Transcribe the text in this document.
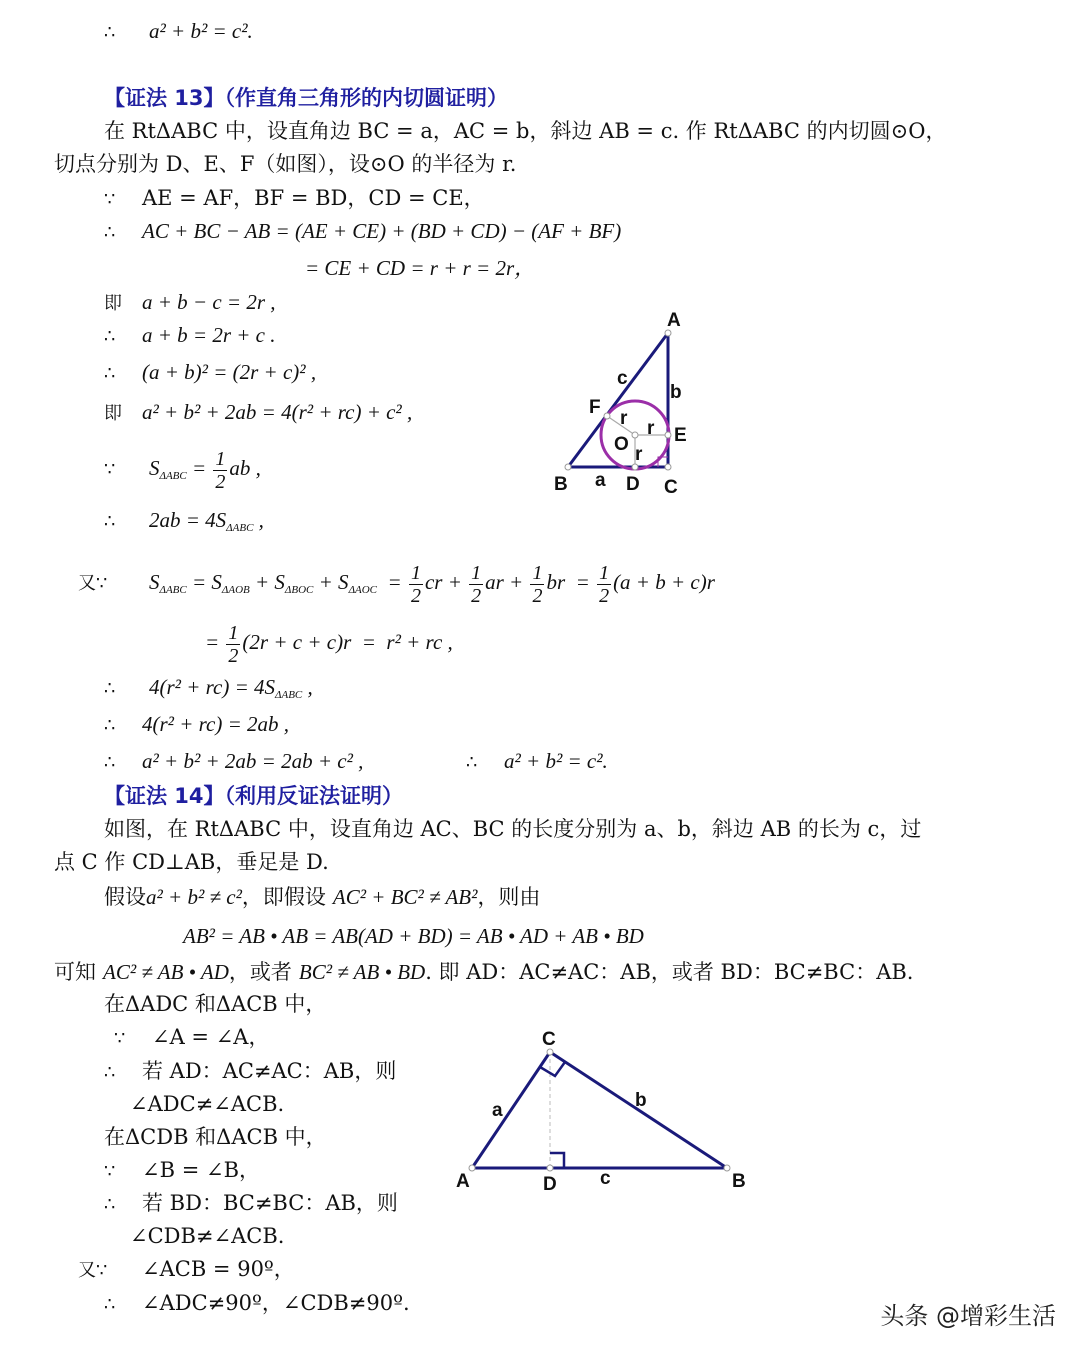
∴ a² + b² = c².
【证法 13】（作直角三角形的内切圆证明）
在 RtΔABC 中，设直角边 BC = a，AC = b，斜边 AB = c. 作 RtΔABC 的内切圆⊙O，
切点分别为 D、E、F（如图），设⊙O 的半径为 r.
∵ AE = AF，BF = BD，CD = CE，
∴ AC + BC − AB = (AE + CE) + (BD + CD) − (AF + BF)
= CE + CD = r + r = 2r，
即 a + b − c = 2r ,
∴ a + b = 2r + c .
∴ (a + b)² = (2r + c)² ,
即 a² + b² + 2ab = 4(r² + rc) + c² ,
∵ $S_{\Delta ABC} = \frac{1}{2}$ ab ,
∴ $2ab = 4S_{\Delta ABC}$ ,
又∵ $S_{\Delta ABC} = S_{\Delta AOB} + S_{\Delta BOC} + S_{\Delta AOC} = \frac{1}{2}$ cr + $\frac{1}{2}$ ar + $\frac{1}{2}$ br  = $\frac{1}{2} (a + b + c)r$
= $\frac{1}{2} (2r + c + c)r = r^2$ + rc ,
∴ $4(r^2 + rc) = 4S_{\Delta ABC}$ ,
∴ 4(r² + rc) = 2ab ,
∴ a² + b² + 2ab = 2ab + c² ,	∴ a² + b² = c².
A
B	C
D
E
F
O
a
b
c
r r
r
【证法 14】（利用反证法证明）
如图，在 RtΔABC 中，设直角边 AC、BC 的长度分别为 a、b，斜边 AB 的长为 c，过
点 C 作 CD⊥AB，垂足是 D.
假设a² + b² ≠ c²，即假设 AC² + BC² ≠ AB²，则由
AB² = AB • AB = AB(AD + BD) = AB • AD + AB • BD
可知 AC² ≠ AB • AD，或者 BC² ≠ AB • BD. 即 AD：AC≠AC：AB，或者 BD：BC≠BC：AB.
在ΔADC 和ΔACB 中，
∵ ∠A = ∠A，
∴ 若 AD：AC≠AC：AB，则
∠ADC≠∠ACB.
在ΔCDB 和ΔACB 中，
∵ ∠B = ∠B，
∴ 若 BD：BC≠BC：AB，则
∠CDB≠∠ACB.
又∵ ∠ACB = 90º，
∴ ∠ADC≠90º，∠CDB≠90º.
C
A	B
D
a	b
c
头条 @增彩生活
